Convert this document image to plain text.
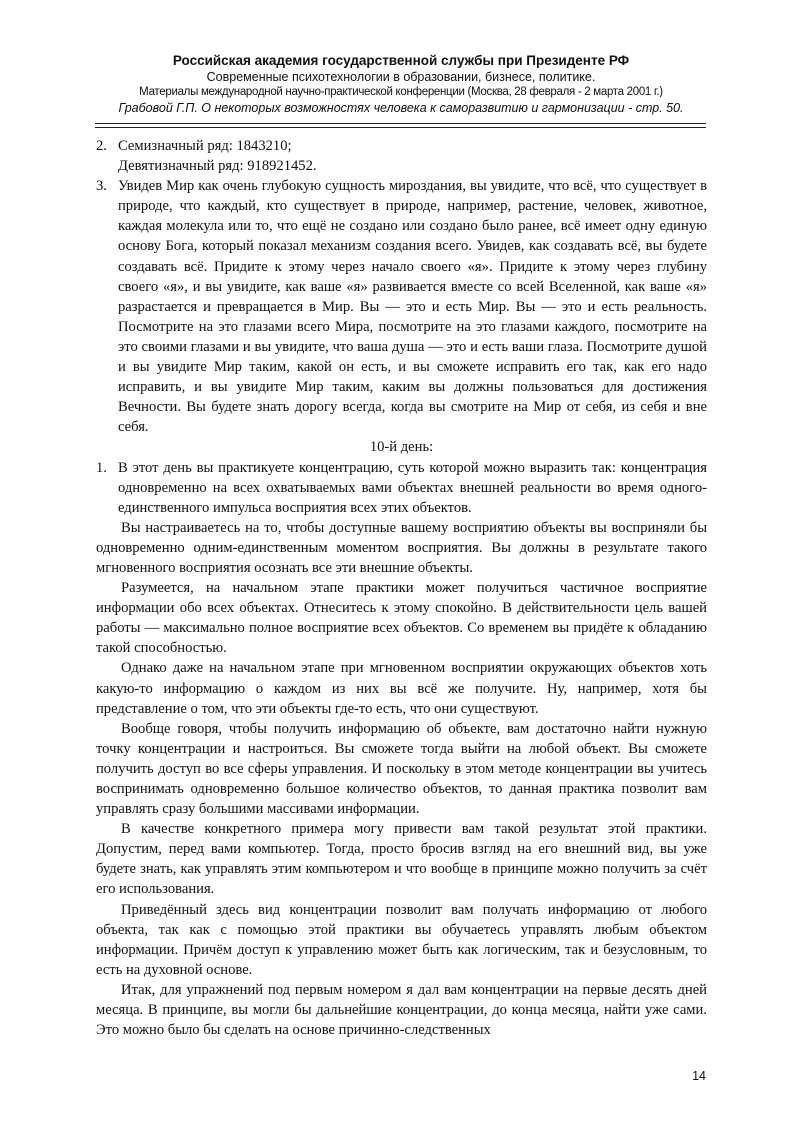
Российская академия государственной службы при Президенте РФ
Современные психотехнологии в образовании, бизнесе, политике.
Материалы международной научно-практической конференции (Москва, 28 февраля - 2 марта 2001 г.)
Грабовой Г.П. О некоторых возможностях человека к саморазвитию и гармонизации - стр. 50.
2. Семизначный ряд: 1843210;
Девятизначный ряд: 918921452.
3. Увидев Мир как очень глубокую сущность мироздания, вы увидите, что всё, что существует в природе, что каждый, кто существует в природе, например, растение, человек, животное, каждая молекула или то, что ещё не создано или создано было ранее, всё имеет одну единую основу Бога, который показал механизм создания всего. Увидев, как создавать всё, вы будете создавать всё. Придите к этому через начало своего «я». Придите к этому через глубину своего «я», и вы увидите, как ваше «я» развивается вместе со всей Вселенной, как ваше «я» разрастается и превращается в Мир. Вы — это и есть Мир. Вы — это и есть реальность. Посмотрите на это глазами всего Мира, посмотрите на это глазами каждого, посмотрите на это своими глазами и вы увидите, что ваша душа — это и есть ваши глаза. Посмотрите душой и вы увидите Мир таким, какой он есть, и вы сможете исправить его так, как его надо исправить, и вы увидите Мир таким, каким вы должны пользоваться для достижения Вечности. Вы будете знать дорогу всегда, когда вы смотрите на Мир от себя, из себя и вне себя.
10-й день:
1. В этот день вы практикуете концентрацию, суть которой можно выразить так: концентрация одновременно на всех охватываемых вами объектах внешней реальности во время одного-единственного импульса восприятия всех этих объектов.

Вы настраиваетесь на то, чтобы доступные вашему восприятию объекты вы восприняли бы одновременно одним-единственным моментом восприятия. Вы должны в результате такого мгновенного восприятия осознать все эти внешние объекты.

Разумеется, на начальном этапе практики может получиться частичное восприятие информации обо всех объектах. Отнеситесь к этому спокойно. В действительности цель вашей работы — максимально полное восприятие всех объектов. Со временем вы придёте к обладанию такой способностью.

Однако даже на начальном этапе при мгновенном восприятии окружающих объектов хоть какую-то информацию о каждом из них вы всё же получите. Ну, например, хотя бы представление о том, что эти объекты где-то есть, что они существуют.

Вообще говоря, чтобы получить информацию об объекте, вам достаточно найти нужную точку концентрации и настроиться. Вы сможете тогда выйти на любой объект. Вы сможете получить доступ во все сферы управления. И поскольку в этом методе концентрации вы учитесь воспринимать одновременно большое количество объектов, то данная практика позволит вам управлять сразу большими массивами информации.

В качестве конкретного примера могу привести вам такой результат этой практики. Допустим, перед вами компьютер. Тогда, просто бросив взгляд на его внешний вид, вы уже будете знать, как управлять этим компьютером и что вообще в принципе можно получить за счёт его использования.

Приведённый здесь вид концентрации позволит вам получать информацию от любого объекта, так как с помощью этой практики вы обучаетесь управлять любым объектом информации. Причём доступ к управлению может быть как логическим, так и безусловным, то есть на духовной основе.

Итак, для упражнений под первым номером я дал вам концентрации на первые десять дней месяца. В принципе, вы могли бы дальнейшие концентрации, до конца месяца, найти уже сами. Это можно было бы сделать на основе причинно-следственных

14
